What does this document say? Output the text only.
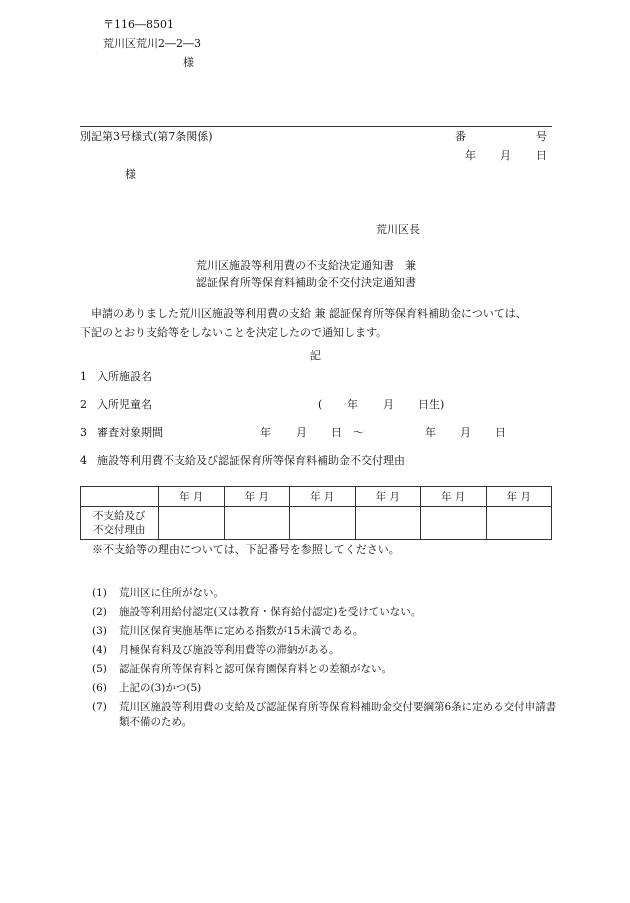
〒116―8501
荒川区荒川2―2―3
様
別記第3号様式(第7条関係)	番	号
年 月 日
様
荒川区長
荒川区施設等利用費の不支給決定通知書　兼
認証保育所等保育料補助金不交付決定通知書

申請のありました荒川区施設等利用費の支給 兼 認証保育所等保育料補助金については、

下記のとおり支給等をしないことを決定したので通知します。

記
1 入所施設名
2 入所児童名	( 年 月 日生)
3 審査対象期間	年 月 日 〜	年 月 日
4 施設等利用費不支給及び認証保育所等保育料補助金不交付理由
	年 月	年 月	年 月	年 月	年 月	年 月

不支給及び
不交付理由						

※不支給等の理由については、下記番号を参照してください。
(1)	荒川区に住所がない。
(2)	施設等利用給付認定(又は教育・保育給付認定)を受けていない。
(3)	荒川区保育実施基準に定める指数が15未満である。
(4)	月極保育料及び施設等利用費等の滞納がある。
(5)	認証保育所等保育料と認可保育園保育料との差額がない。
(6)	上記の(3)かつ(5)
(7)	荒川区施設等利用費の支給及び認証保育所等保育料補助金交付要綱第6条に定める交付申請書類不備のため。
